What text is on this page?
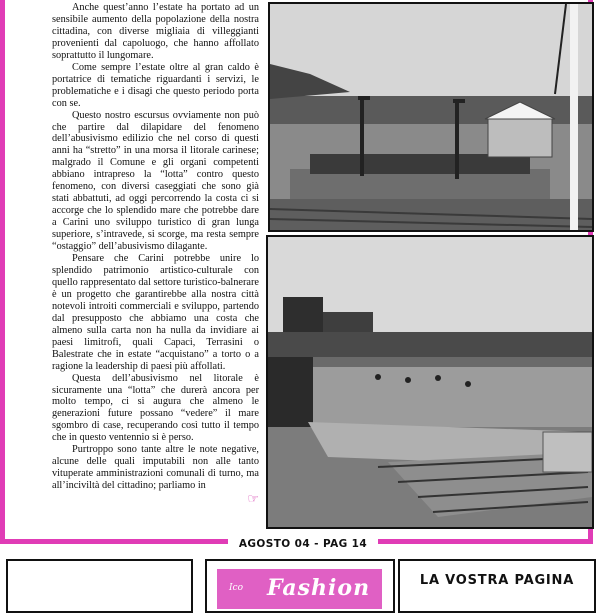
Anche quest’anno l’estate ha portato ad un sensibile aumento della popolazione della nostra cittadina, con diverse migliaia di villeggianti provenienti dal capoluogo, che hanno affollato soprattutto il lungomare.

Come sempre l’estate oltre al gran caldo è portatrice di tematiche riguardanti i servizi, le problematiche e i disagi che questo periodo porta con se.

Questo nostro escursus ovviamente non può che partire dal dilapidare del fenomeno dell’abusivismo edilizio che nel corso di questi anni ha “stretto” in una morsa il litorale carinese; malgrado il Comune e gli organi competenti abbiano intrapreso la “lotta” contro questo fenomeno, con diversi caseggiati che sono già stati abbattuti, ad oggi percorrendo la costa ci si accorge che lo splendido mare che potrebbe dare a Carini uno sviluppo turistico di gran lunga superiore, s’intravede, si scorge, ma resta sempre “ostaggio” dell’abusivismo dilagante.

Pensare che Carini potrebbe unire lo splendido patrimonio artistico-culturale con quello rappresentato dal settore turistico-balnerare è un progetto che garantirebbe alla nostra città notevoli introiti commerciali e sviluppo, partendo dal presupposto che abbiamo una costa che almeno sulla carta non ha nulla da invidiare ai paesi limitrofi, quali Capaci, Terrasini o Balestrate che in estate “acquistano” a torto o a ragione la leadership di paesi più affollati.

Questa dell’abusivismo nel litorale è sicuramente una “lotta” che durerà ancora per molto tempo, ci si augura che almeno le generazioni future possano “vedere” il mare sgombro di case, recuperando così tutto il tempo che in questo ventennio si è perso.

Purtroppo sono tante altre le note negative, alcune delle quali imputabili non alle tanto vituperate amministrazioni comunali di turno, ma all’inciviltà del cittadino; parliamo in

☞
AGOSTO 04 - PAG 14
Ico Fashion	LA VOSTRA PAGINA
